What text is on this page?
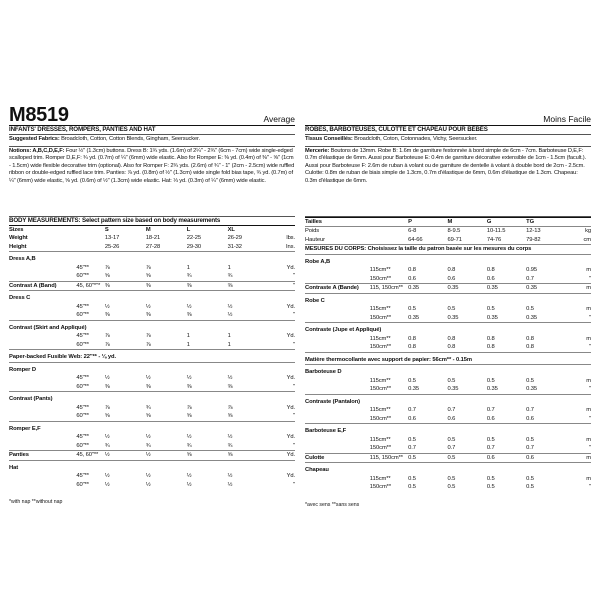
M8519	Average	Moins Facile
INFANTS' DRESSES, ROMPERS, PANTIES AND HAT
Suggested Fabrics: Broadcloth, Cotton, Cotton Blends, Gingham, Seersucker.
Notions: A,B,C,D,E,F: Four ½" (1.3cm) buttons. Dress B: 1¾ yds. (1.6m) of 2¼" - 2¾" (6cm - 7cm) wide single-edged scalloped trim. Romper D,E,F: ¾ yd. (0.7m) of ¼" (6mm) wide elastic. Also for Romper E: ⅜ yd. (0.4m) of ⅜" - ⅝" (1cm - 1.5cm) wide flexible decorative trim (optional). Also for Romper F: 2¾ yds. (2.6m) of ¾" - 1" (2cm - 2.5cm) wide ruffled ribbon or double-edged ruffled lace trim. Panties: ⅞ yd. (0.8m) of ½" (1.3cm) wide single fold bias tape, ¾ yd. (0.7m) of ¼" (6mm) wide elastic, ⅝ yd. (0.6m) of ½" (1.3cm) wide elastic. Hat: ⅓ yd. (0.3m) of ¼" (6mm) wide elastic.
BODY MEASUREMENTS: Select pattern size based on body measurements
Sizes		S	M	L	XL	
Weight		13-17	18-21	22-25	26-29	lbs.
Height		25-26	27-28	29-30	31-32	Ins.
Dress A,B						
	45"**	⅞	⅞	1	1	Yd.
	60"**	⅝	⅝	¾	¾	"
Contrast A (Band)	45, 60"*"*	⅜	⅜	⅜	⅜	"
Dress C						
	45"**	½	½	½	½	Yd.
	60"**	⅜	⅜	⅜	½	"
Contrast (Skirt and Appliqué)						
	45"**	⅞	⅞	1	1	Yd.
	60"**	⅞	⅞	1	1	"
Paper-backed Fusible Web: 22"** - ⅛ yd.						
Romper D						
	45"**	½	½	½	½	Yd.
	60"**	⅜	⅜	⅜	⅜	"
Contrast (Pants)						
	45"**	⅞	¾	⅞	⅞	Yd.
	60"**	⅝	⅝	⅝	⅝	"
Romper E,F						
	45"**	½	½	½	½	Yd.
	60"**	¾	¾	¾	¾	"
Panties	45, 60"**	½	½	⅝	⅝	Yd.
Hat						
	45"**	½	½	½	½	Yd.
	60"**	½	½	½	½	"
*with nap **without nap
ROBES, BARBOTEUSES, CULOTTE ET CHAPEAU POUR BÉBÉS
Tissus Conseillés: Broadcloth, Coton, Cotonnades, Vichy, Seersucker.
Mercerie: Boutons de 13mm. Robe B: 1.6m de garniture festonnée à bord simple de 6cm - 7cm. Barboteuse D,E,F: 0.7m d'élastique de 6mm. Aussi pour Barboteuse E: 0.4m de garniture décorative extensible de 1cm - 1.5cm (facult.). Aussi pour Barboteuse F: 2.6m de ruban à volant ou de garniture de dentelle à volant à double bord de 2cm - 2.5cm. Culotte: 0.8m de ruban de biais simple de 1.3cm, 0.7m d'élastique de 6mm, 0.6m d'élastique de 1.3cm. Chapeau: 0.3m d'élastique de 6mm.
Tailles		P	M	G	TG	
Poids		6-8	8-9.5	10-11.5	12-13	kg
Hauteur		64-66	69-71	74-76	79-82	cm
MESURES DU CORPS: Choisissez la taille du patron basée sur les mesures du corps						
Robe A,B						
	115cm**	0.8	0.8	0.8	0.95	m
	150cm**	0.6	0.6	0.6	0.7	"
Contraste A (Bande)	115, 150cm**	0.35	0.35	0.35	0.35	m
Robe C						
	115cm**	0.5	0.5	0.5	0.5	m
	150cm**	0.35	0.35	0.35	0.35	"
Contraste (Jupe et Appliqué)						
	115cm**	0.8	0.8	0.8	0.8	m
	150cm**	0.8	0.8	0.8	0.8	"
Matière thermocollante avec support de papier: 56cm** - 0.15m						
Barboteuse D						
	115cm**	0.5	0.5	0.5	0.5	m
	150cm**	0.35	0.35	0.35	0.35	"
Contraste (Pantalon)						
	115cm**	0.7	0.7	0.7	0.7	m
	150cm**	0.6	0.6	0.6	0.6	"
Barboteuse E,F						
	115cm**	0.5	0.5	0.5	0.5	m
	150cm**	0.7	0.7	0.7	0.7	"
Culotte	115, 150cm**	0.5	0.5	0.6	0.6	m
Chapeau						
	115cm**	0.5	0.5	0.5	0.5	m
	150cm**	0.5	0.5	0.5	0.5	"
*avec sens **sans sens
